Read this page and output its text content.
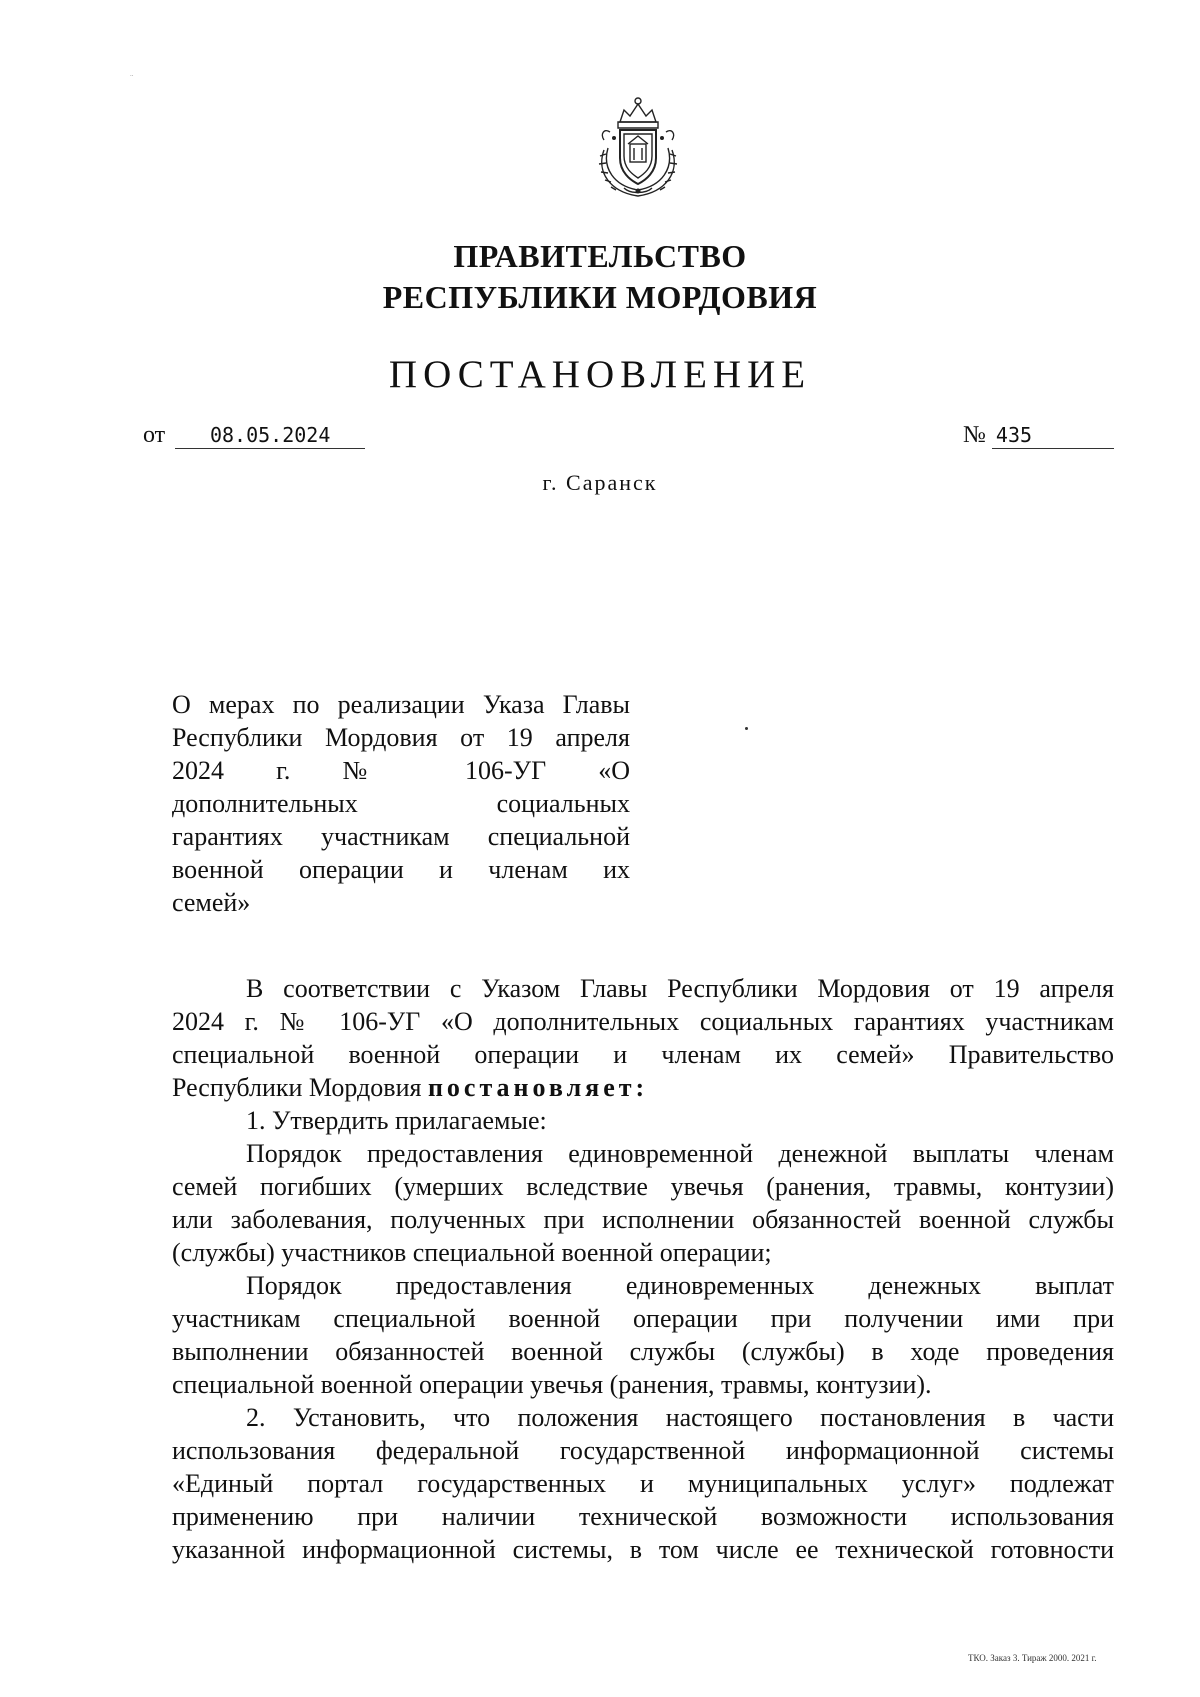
..
ПРАВИТЕЛЬСТВО
РЕСПУБЛИКИ МОРДОВИЯ
ПОСТАНОВЛЕНИЕ
от 08.05.2024	№ 435
г. Саранск
О мерах по реализации Указа Главы
Республики Мордовия от 19 апреля
2024 г. № 106-УГ «О
дополнительных социальных
гарантиях участникам специальной
военной операции и членам их
семей»
В соответствии с Указом Главы Республики Мордовия от 19 апреля
2024 г. № 106-УГ «О дополнительных социальных гарантиях участникам
специальной военной операции и членам их семей» Правительство
Республики Мордовия постановляет:
1. Утвердить прилагаемые:
Порядок предоставления единовременной денежной выплаты членам
семей погибших (умерших вследствие увечья (ранения, травмы, контузии)
или заболевания, полученных при исполнении обязанностей военной службы
(службы) участников специальной военной операции;
Порядок предоставления единовременных денежных выплат
участникам специальной военной операции при получении ими при
выполнении обязанностей военной службы (службы) в ходе проведения
специальной военной операции увечья (ранения, травмы, контузии).
2. Установить, что положения настоящего постановления в части
использования федеральной государственной информационной системы
«Единый портал государственных и муниципальных услуг» подлежат
применению при наличии технической возможности использования
указанной информационной системы, в том числе ее технической готовности
ТКО. Заказ 3. Тираж 2000. 2021 г.
